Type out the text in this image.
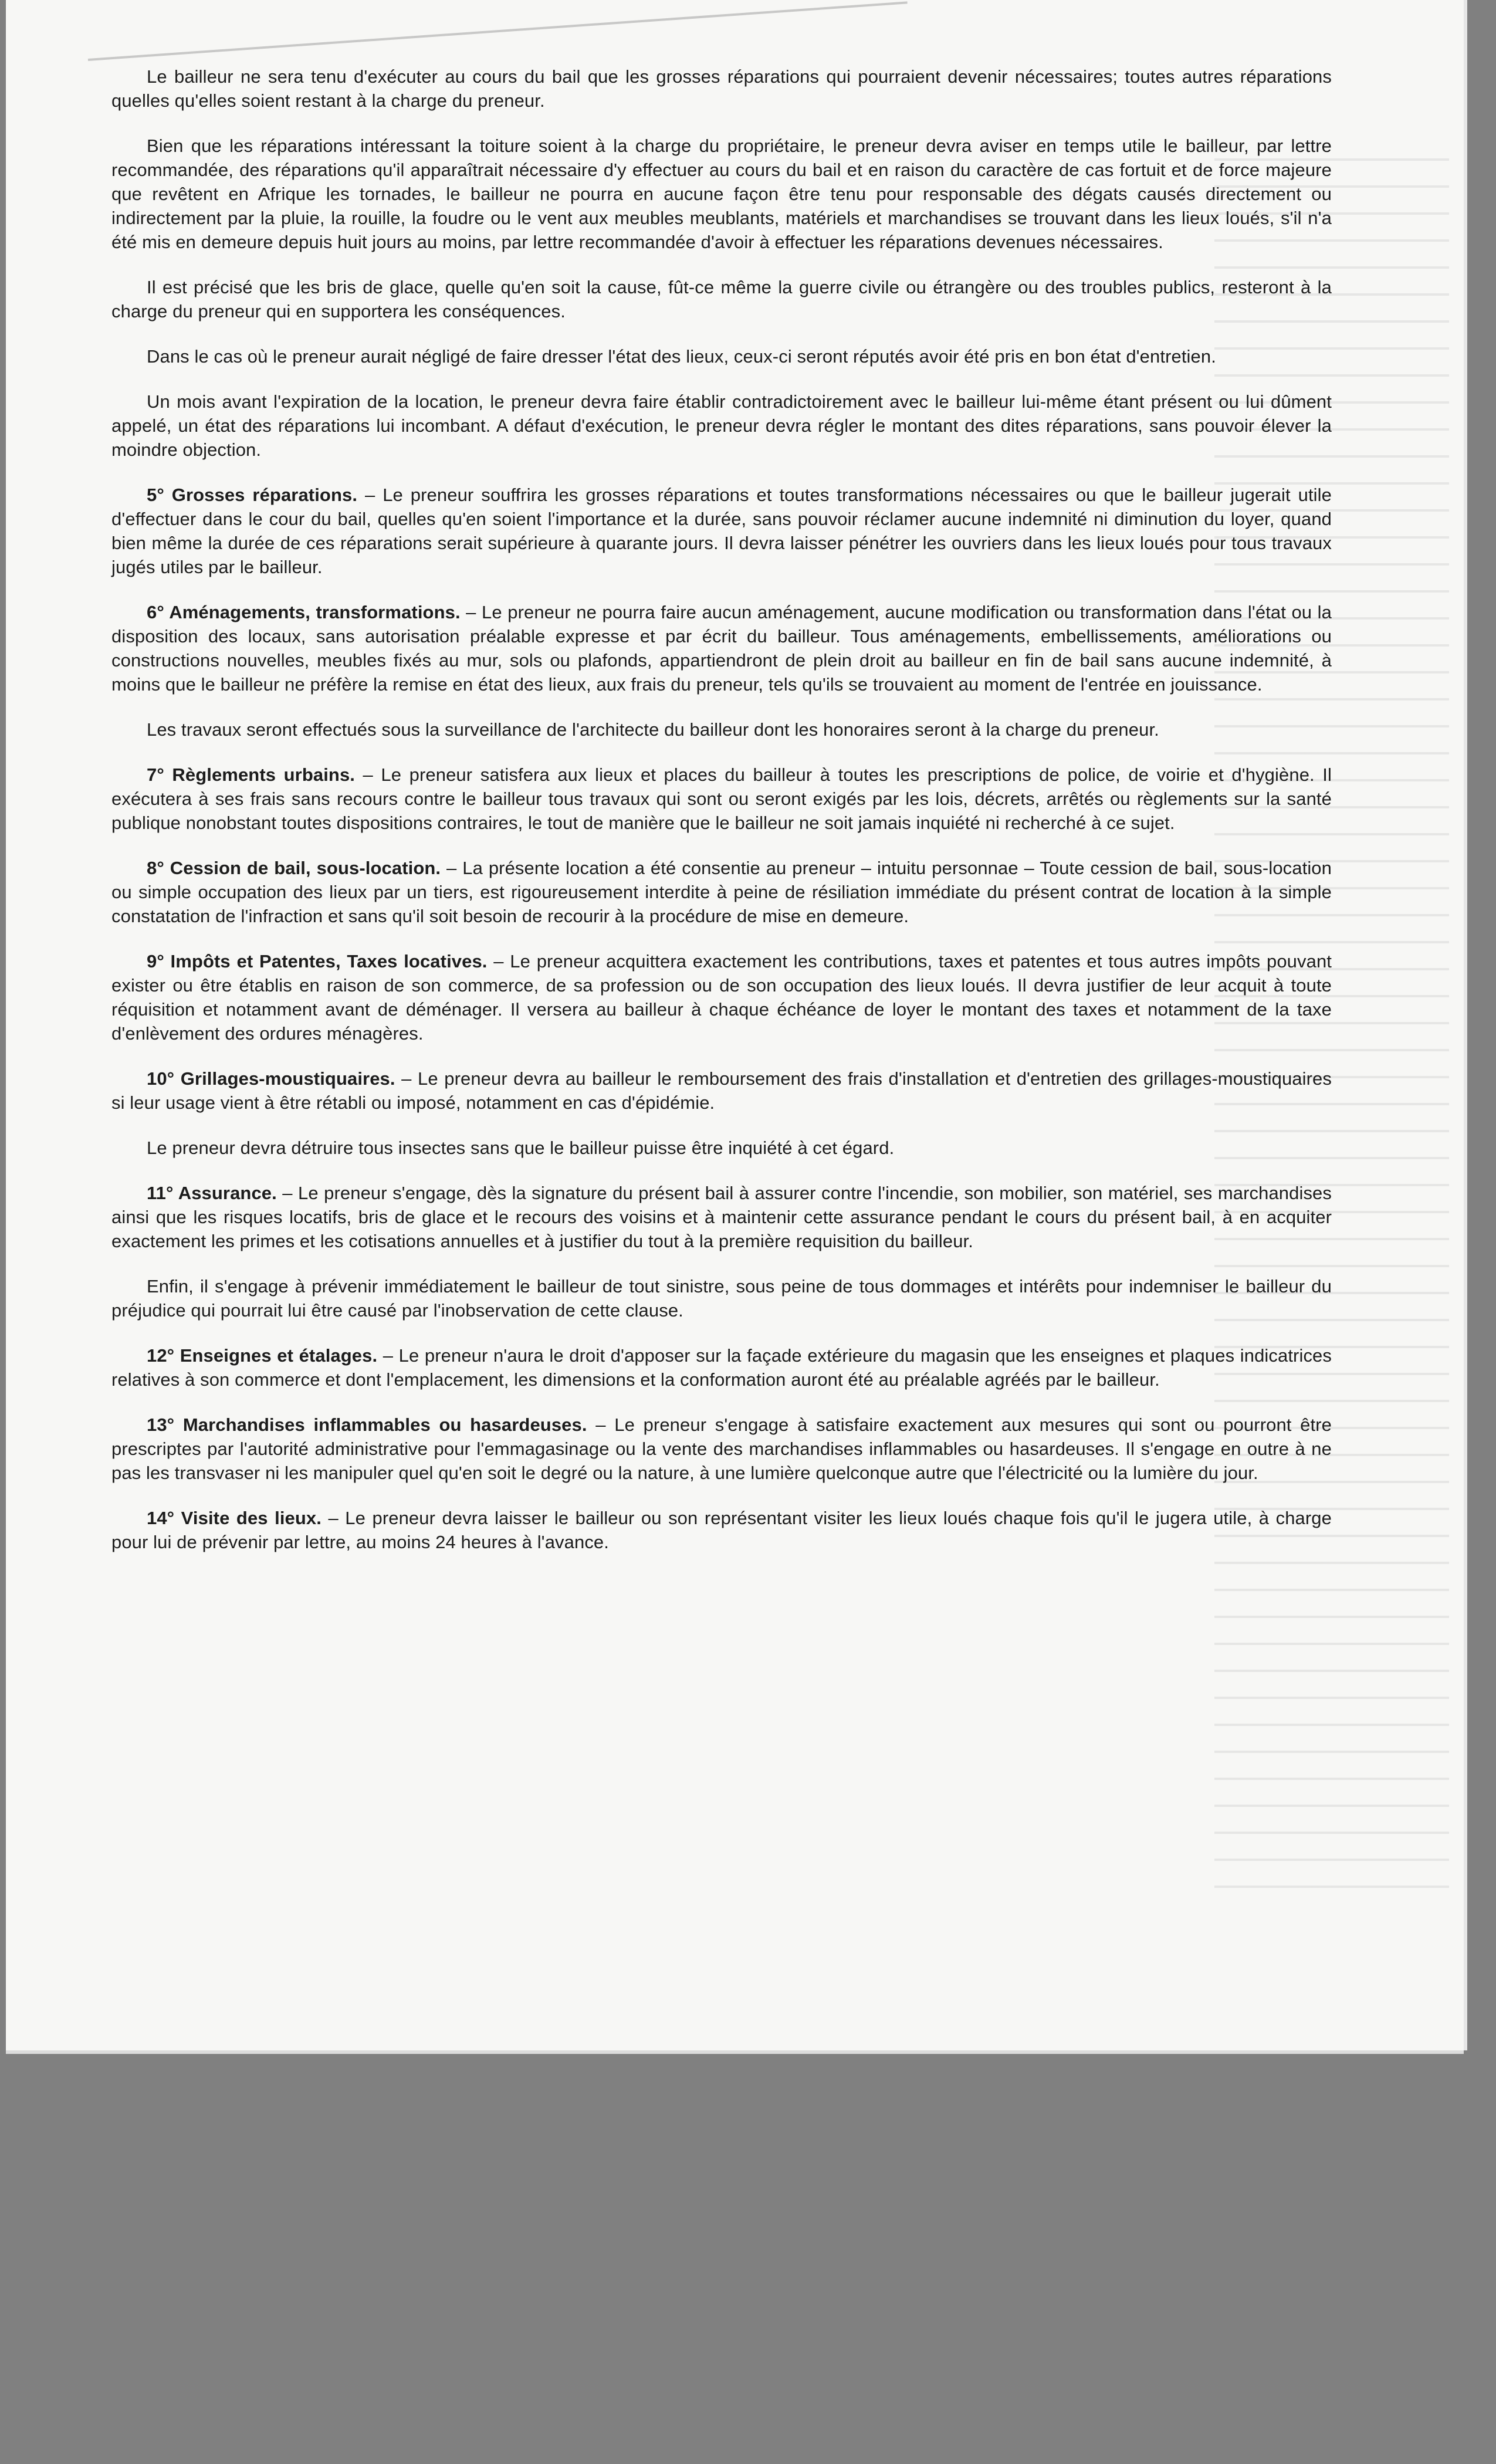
Le bailleur ne sera tenu d'exécuter au cours du bail que les grosses réparations qui pourraient devenir nécessaires; toutes autres réparations quelles qu'elles soient restant à la charge du preneur.

Bien que les réparations intéressant la toiture soient à la charge du propriétaire, le preneur devra aviser en temps utile le bailleur, par lettre recommandée, des réparations qu'il apparaîtrait nécessaire d'y effectuer au cours du bail et en raison du caractère de cas fortuit et de force majeure que revêtent en Afrique les tornades, le bailleur ne pourra en aucune façon être tenu pour responsable des dégats causés directement ou indirectement par la pluie, la rouille, la foudre ou le vent aux meubles meublants, matériels et marchandises se trouvant dans les lieux loués, s'il n'a été mis en demeure depuis huit jours au moins, par lettre recommandée d'avoir à effectuer les réparations devenues nécessaires.

Il est précisé que les bris de glace, quelle qu'en soit la cause, fût-ce même la guerre civile ou étrangère ou des troubles publics, resteront à la charge du preneur qui en supportera les conséquences.

Dans le cas où le preneur aurait négligé de faire dresser l'état des lieux, ceux-ci seront réputés avoir été pris en bon état d'entretien.

Un mois avant l'expiration de la location, le preneur devra faire établir contradictoirement avec le bailleur lui-même étant présent ou lui dûment appelé, un état des réparations lui incombant. A défaut d'exécution, le preneur devra régler le montant des dites réparations, sans pouvoir élever la moindre objection.

5° Grosses réparations. – Le preneur souffrira les grosses réparations et toutes transformations nécessaires ou que le bailleur jugerait utile d'effectuer dans le cour du bail, quelles qu'en soient l'importance et la durée, sans pouvoir réclamer aucune indemnité ni diminution du loyer, quand bien même la durée de ces réparations serait supérieure à quarante jours. Il devra laisser pénétrer les ouvriers dans les lieux loués pour tous travaux jugés utiles par le bailleur.

6° Aménagements, transformations. – Le preneur ne pourra faire aucun aménagement, aucune modification ou transformation dans l'état ou la disposition des locaux, sans autorisation préalable expresse et par écrit du bailleur. Tous aménagements, embellissements, améliorations ou constructions nouvelles, meubles fixés au mur, sols ou plafonds, appartiendront de plein droit au bailleur en fin de bail sans aucune indemnité, à moins que le bailleur ne préfère la remise en état des lieux, aux frais du preneur, tels qu'ils se trouvaient au moment de l'entrée en jouissance.

Les travaux seront effectués sous la surveillance de l'architecte du bailleur dont les honoraires seront à la charge du preneur.

7° Règlements urbains. – Le preneur satisfera aux lieux et places du bailleur à toutes les prescriptions de police, de voirie et d'hygiène. Il exécutera à ses frais sans recours contre le bailleur tous travaux qui sont ou seront exigés par les lois, décrets, arrêtés ou règlements sur la santé publique nonobstant toutes dispositions contraires, le tout de manière que le bailleur ne soit jamais inquiété ni recherché à ce sujet.

8° Cession de bail, sous-location. – La présente location a été consentie au preneur – intuitu personnae – Toute cession de bail, sous-location ou simple occupation des lieux par un tiers, est rigoureusement interdite à peine de résiliation immédiate du présent contrat de location à la simple constatation de l'infraction et sans qu'il soit besoin de recourir à la procédure de mise en demeure.

9° Impôts et Patentes, Taxes locatives. – Le preneur acquittera exactement les contributions, taxes et patentes et tous autres impôts pouvant exister ou être établis en raison de son commerce, de sa profession ou de son occupation des lieux loués. Il devra justifier de leur acquit à toute réquisition et notamment avant de déménager. Il versera au bailleur à chaque échéance de loyer le montant des taxes et notamment de la taxe d'enlèvement des ordures ménagères.

10° Grillages-moustiquaires. – Le preneur devra au bailleur le remboursement des frais d'installation et d'entretien des grillages-moustiquaires si leur usage vient à être rétabli ou imposé, notamment en cas d'épidémie.

Le preneur devra détruire tous insectes sans que le bailleur puisse être inquiété à cet égard.

11° Assurance. – Le preneur s'engage, dès la signature du présent bail à assurer contre l'incendie, son mobilier, son matériel, ses marchandises ainsi que les risques locatifs, bris de glace et le recours des voisins et à maintenir cette assurance pendant le cours du présent bail, à en acquiter exactement les primes et les cotisations annuelles et à justifier du tout à la première requisition du bailleur.

Enfin, il s'engage à prévenir immédiatement le bailleur de tout sinistre, sous peine de tous dommages et intérêts pour indemniser le bailleur du préjudice qui pourrait lui être causé par l'inobservation de cette clause.

12° Enseignes et étalages. – Le preneur n'aura le droit d'apposer sur la façade extérieure du magasin que les enseignes et plaques indicatrices relatives à son commerce et dont l'emplacement, les dimensions et la conformation auront été au préalable agréés par le bailleur.

13° Marchandises inflammables ou hasardeuses. – Le preneur s'engage à satisfaire exactement aux mesures qui sont ou pourront être prescriptes par l'autorité administrative pour l'emmagasinage ou la vente des marchandises inflammables ou hasardeuses. Il s'engage en outre à ne pas les transvaser ni les manipuler quel qu'en soit le degré ou la nature, à une lumière quelconque autre que l'électricité ou la lumière du jour.

14° Visite des lieux. – Le preneur devra laisser le bailleur ou son représentant visiter les lieux loués chaque fois qu'il le jugera utile, à charge pour lui de prévenir par lettre, au moins 24 heures à l'avance.
